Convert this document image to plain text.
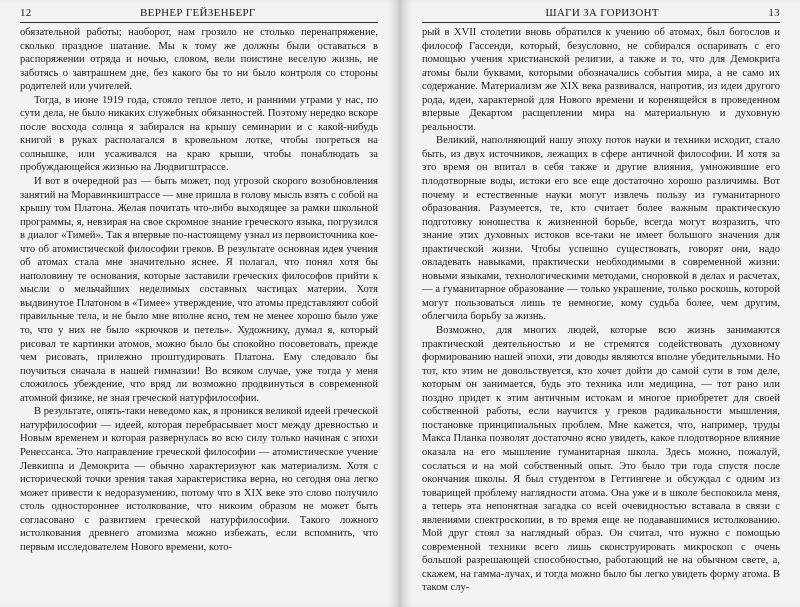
12	ВЕРНЕР ГЕЙЗЕНБЕРГ

обязательной работы; наоборот, нам грозило не столько перенапряжение, сколько праздное шатание. Мы к тому же должны были оставаться в распоряжении отряда и ночью, словом, вели поистине веселую жизнь, не заботясь о завтрашнем дне, без какого бы то ни было контроля со стороны родителей или учителей.

Тогда, в июне 1919 года, стояло теплое лето, и ранними утрами у нас, по сути дела, не было никаких служебных обязанностей. Поэтому нередко вскоре после восхода солнца я забирался на крышу семинарии и с какой-нибудь книгой в руках располагался в кровельном лотке, чтобы погреться на солнышке, или усаживался на краю крыши, чтобы понаблюдать за пробуждающейся жизнью на Людвигштрассе.

И вот в очередной раз — быть может, под угрозой скорого возобновления занятий на Моравинкиштрассе — мне пришла в голову мысль взять с собой на крышу том Платона. Желая почитать что-либо выходящее за рамки школьной программы, я, невзирая на свое скромное знание греческого языка, погрузился в диалог «Тимей». Так я впервые по-настоящему узнал из первоисточника кое-что об атомистической философии греков. В результате основная идея учения об атомах стала мне значительно яснее. Я полагал, что понял хотя бы наполовину те основания, которые заставили греческих философов прийти к мысли о мельчайших неделимых составных частицах материи. Хотя выдвинутое Платоном в «Тимее» утверждение, что атомы представляют собой правильные тела, и не было мне вполне ясно, тем не менее хорошо было уже то, что у них не было «крючков и петель». Художнику, думал я, который рисовал те картинки атомов, можно было бы спокойно посоветовать, прежде чем рисовать, прилежно проштудировать Платона. Ему следовало бы поучиться сначала в нашей гимназии! Во всяком случае, уже тогда у меня сложилось убеждение, что вряд ли возможно продвинуться в современной атомной физике, не зная греческой натурфилософии.

В результате, опять-таки неведомо как, я проникся великой идеей греческой натурфилософии — идеей, которая перебрасывает мост между древностью и Новым временем и которая развернулась во всю силу только начиная с эпохи Ренессанса. Это направление греческой философии — атомистическое учение Левкиппа и Демокрита — обычно характеризуют как материализм. Хотя с исторической точки зрения такая характеристика верна, но сегодня она легко может привести к недоразумению, потому что в XIX веке это слово получило столь одностороннее истолкование, что никоим образом не может быть согласовано с развитием греческой натурфилософии. Такого ложного истолкования древнего атомизма можно избежать, если вспомнить, что первым исследователем Нового времени, кото-

ШАГИ ЗА ГОРИЗОНТ	13

рый в XVII столетии вновь обратился к учению об атомах, был богослов и философ Гассенди, который, безусловно, не собирался оспаривать с его помощью учения христианской религии, а также и то, что для Демокрита атомы были буквами, которыми обозначались события мира, а не само их содержание. Материализм же XIX века развивался, напротив, из идеи другого рода, идеи, характерной для Нового времени и коренящейся в проведенном впервые Декартом расщеплении мира на материальную и духовную реальности.

Великий, наполняющий нашу эпоху поток науки и техники исходит, стало быть, из двух источников, лежащих в сфере античной философии. И хотя за это время он впитал в себя также и другие влияния, умножившие его плодотворные воды, истоки его все еще достаточно хорошо различимы. Вот почему и естественные науки могут извлечь пользу из гуманитарного образования. Разумеется, те, кто считает более важным практическую подготовку юношества к жизненной борьбе, всегда могут возразить, что знание этих духовных истоков все-таки не имеет большого значения для практической жизни. Чтобы успешно существовать, говорят они, надо овладевать навыками, практически необходимыми в современной жизни: новыми языками, технологическими методами, сноровкой в делах и расчетах, — а гуманитарное образование — только украшение, только роскошь, которой могут пользоваться лишь те немногие, кому судьба более, чем другим, облегчила борьбу за жизнь.

Возможно, для многих людей, которые всю жизнь занимаются практической деятельностью и не стремятся содействовать духовному формированию нашей эпохи, эти доводы являются вполне убедительными. Но тот, кто этим не довольствуется, кто хочет дойти до самой сути в том деле, которым он занимается, будь это техника или медицина, — тот рано или поздно придет к этим античным истокам и многое приобретет для своей собственной работы, если научится у греков радикальности мышления, постановке принципиальных проблем. Мне кажется, что, например, труды Макса Планка позволят достаточно ясно увидеть, какое плодотворное влияние оказала на его мышление гуманитарная школа. Здесь можно, пожалуй, сослаться и на мой собственный опыт. Это было три года спустя после окончания школы. Я был студентом в Геттингене и обсуждал с одним из товарищей проблему наглядности атома. Она уже и в школе беспокоила меня, а теперь эта непонятная загадка со всей очевидностью вставала в связи с явлениями спектроскопии, в то время еще не подававшимися истолкованию. Мой друг стоял за наглядный образ. Он считал, что нужно с помощью современной техники всего лишь сконструировать микроскоп с очень большой разрешающей способностью, работающий не на обычном свете, а, скажем, на гамма-лучах, и тогда можно было бы легко увидеть форму атома. В таком слу-
